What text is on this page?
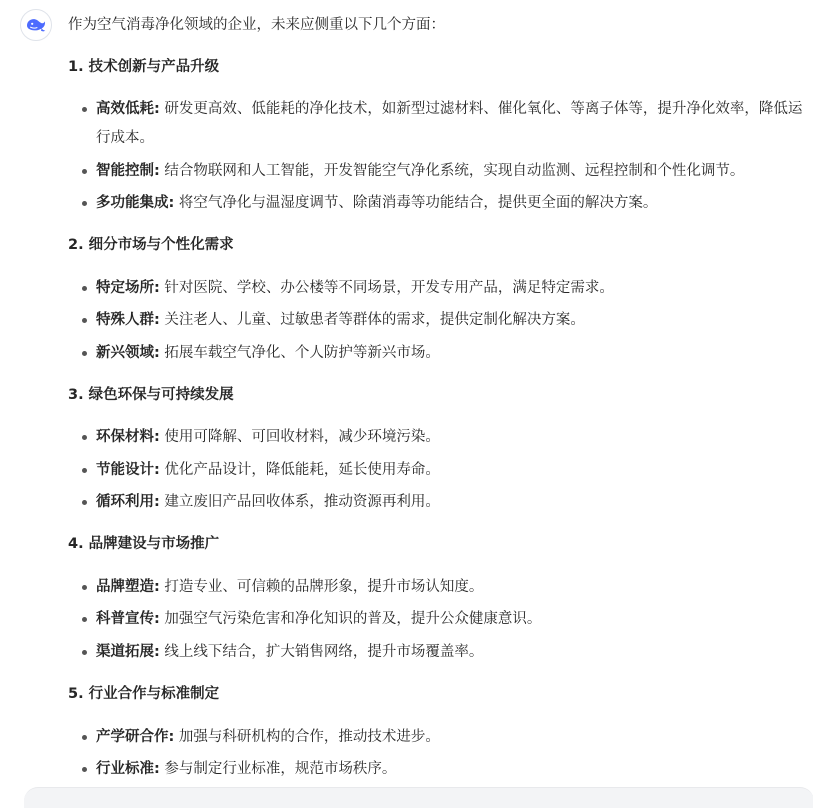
作为空气消毒净化领域的企业，未来应侧重以下几个方面：
1. 技术创新与产品升级
高效低耗: 研发更高效、低能耗的净化技术，如新型过滤材料、催化氧化、等离子体等，提升净化效率，降低运行成本。
智能控制: 结合物联网和人工智能，开发智能空气净化系统，实现自动监测、远程控制和个性化调节。
多功能集成: 将空气净化与温湿度调节、除菌消毒等功能结合，提供更全面的解决方案。
2. 细分市场与个性化需求
特定场所: 针对医院、学校、办公楼等不同场景，开发专用产品，满足特定需求。
特殊人群: 关注老人、儿童、过敏患者等群体的需求，提供定制化解决方案。
新兴领域: 拓展车载空气净化、个人防护等新兴市场。
3. 绿色环保与可持续发展
环保材料: 使用可降解、可回收材料，减少环境污染。
节能设计: 优化产品设计，降低能耗，延长使用寿命。
循环利用: 建立废旧产品回收体系，推动资源再利用。
4. 品牌建设与市场推广
品牌塑造: 打造专业、可信赖的品牌形象，提升市场认知度。
科普宣传: 加强空气污染危害和净化知识的普及，提升公众健康意识。
渠道拓展: 线上线下结合，扩大销售网络，提升市场覆盖率。
5. 行业合作与标准制定
产学研合作: 加强与科研机构的合作，推动技术进步。
行业标准: 参与制定行业标准，规范市场秩序。
